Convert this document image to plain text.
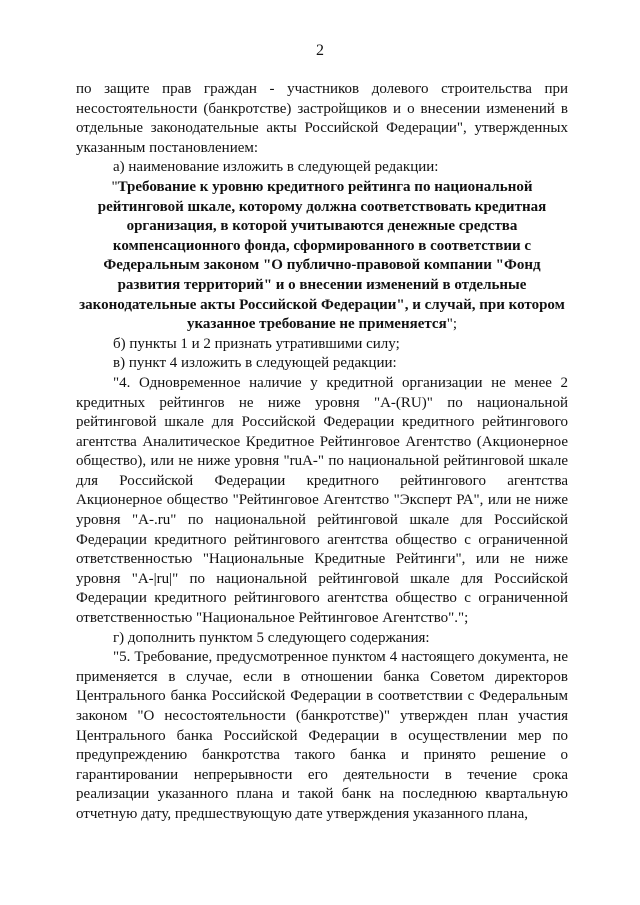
2

по защите прав граждан - участников долевого строительства при несостоятельности (банкротстве) застройщиков и о внесении изменений в отдельные законодательные акты Российской Федерации", утвержденных указанным постановлением:

а) наименование изложить в следующей редакции:

"Требование к уровню кредитного рейтинга по национальной рейтинговой шкале, которому должна соответствовать кредитная организация, в которой учитываются денежные средства компенсационного фонда, сформированного в соответствии с Федеральным законом "О публично-правовой компании "Фонд развития территорий" и о внесении изменений в отдельные законодательные акты Российской Федерации", и случай, при котором указанное требование не применяется";

б) пункты 1 и 2 признать утратившими силу;

в) пункт 4 изложить в следующей редакции:

"4. Одновременное наличие у кредитной организации не менее 2 кредитных рейтингов не ниже уровня "A-(RU)" по национальной рейтинговой шкале для Российской Федерации кредитного рейтингового агентства Аналитическое Кредитное Рейтинговое Агентство (Акционерное общество), или не ниже уровня "ruA-" по национальной рейтинговой шкале для Российской Федерации кредитного рейтингового агентства Акционерное общество "Рейтинговое Агентство "Эксперт РА", или не ниже уровня "A-.ru" по национальной рейтинговой шкале для Российской Федерации кредитного рейтингового агентства общество с ограниченной ответственностью "Национальные Кредитные Рейтинги", или не ниже уровня "A-|ru|" по национальной рейтинговой шкале для Российской Федерации кредитного рейтингового агентства общество с ограниченной ответственностью "Национальное Рейтинговое Агентство".";

г) дополнить пунктом 5 следующего содержания:

"5. Требование, предусмотренное пунктом 4 настоящего документа, не применяется в случае, если в отношении банка Советом директоров Центрального банка Российской Федерации в соответствии с Федеральным законом "О несостоятельности (банкротстве)" утвержден план участия Центрального банка Российской Федерации в осуществлении мер по предупреждению банкротства такого банка и принято решение о гарантировании непрерывности его деятельности в течение срока реализации указанного плана и такой банк на последнюю квартальную отчетную дату, предшествующую дате утверждения указанного плана,
